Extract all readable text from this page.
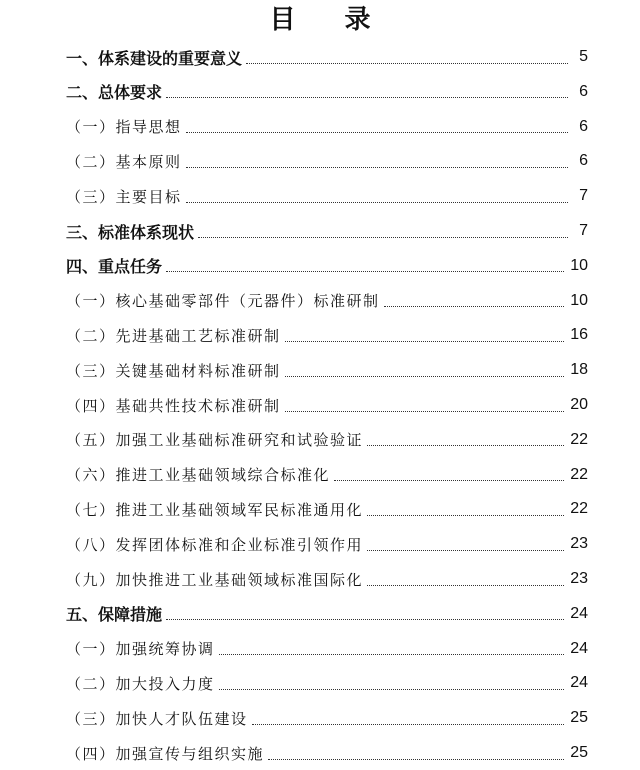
目 录
一、体系建设的重要意义	5
二、总体要求	6
（一）指导思想	6
（二）基本原则	6
（三）主要目标	7
三、标准体系现状	7
四、重点任务	10
（一）核心基础零部件（元器件）标准研制	10
（二）先进基础工艺标准研制	16
（三）关键基础材料标准研制	18
（四）基础共性技术标准研制	20
（五）加强工业基础标准研究和试验验证	22
（六）推进工业基础领域综合标准化	22
（七）推进工业基础领域军民标准通用化	22
（八）发挥团体标准和企业标准引领作用	23
（九）加快推进工业基础领域标准国际化	23
五、保障措施	24
（一）加强统筹协调	24
（二）加大投入力度	24
（三）加快人才队伍建设	25
（四）加强宣传与组织实施	25
